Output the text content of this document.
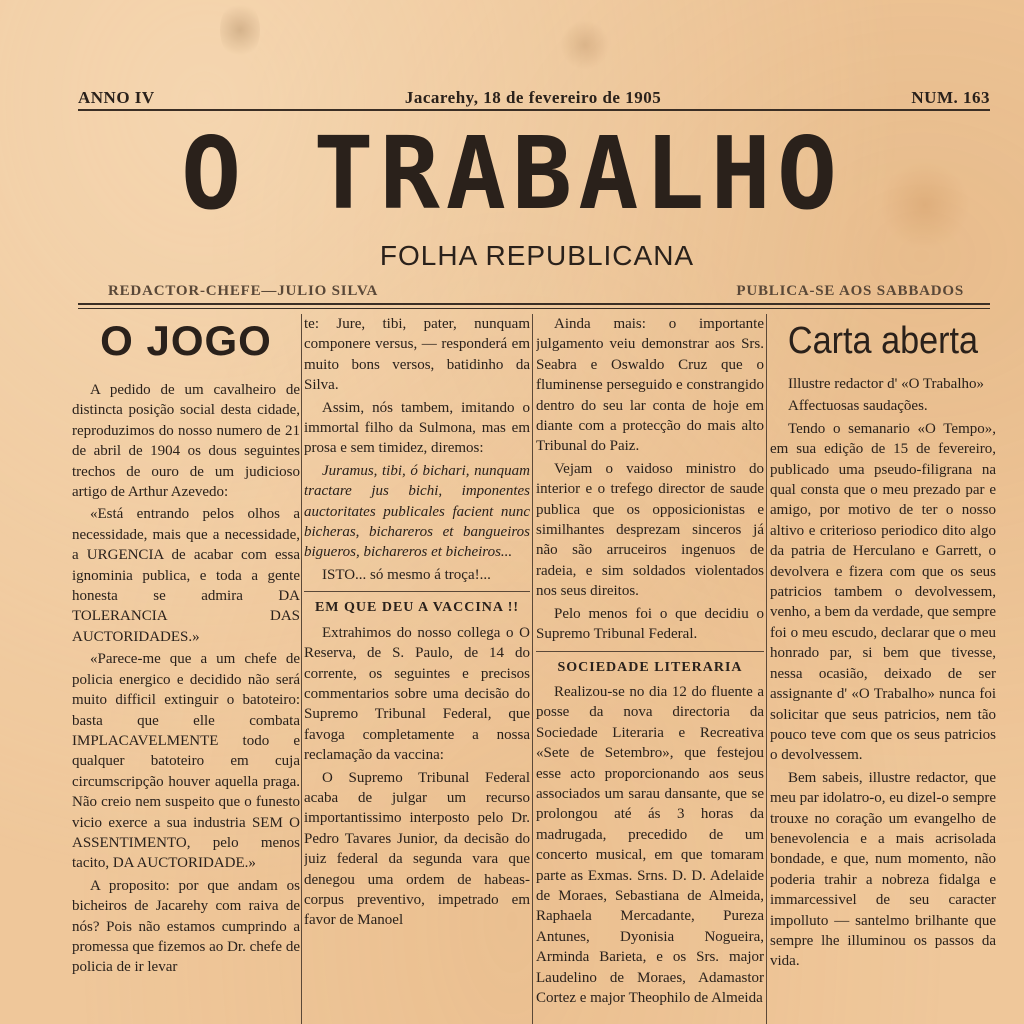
ANNO IV	Jacarehy, 18 de fevereiro de 1905	NUM. 163
O TRABALHO
FOLHA REPUBLICANA
REDACTOR-CHEFE—JULIO SILVA	PUBLICA-SE AOS SABBADOS
O JOGO

A pedido de um cavalheiro de distincta posição social desta cidade, reproduzimos do nosso numero de 21 de abril de 1904 os dous seguintes trechos de ouro de um judicioso artigo de Arthur Azevedo:

«Está entrando pelos olhos a necessidade, mais que a necessidade, a URGENCIA de acabar com essa ignominia publica, e toda a gente honesta se admira DA TOLERANCIA DAS AUCTORIDADES.»

«Parece-me que a um chefe de policia energico e decidido não será muito difficil extinguir o batoteiro: basta que elle combata IMPLACAVELMENTE todo e qualquer batoteiro em cuja circumscripção houver aquella praga. Não creio nem suspeito que o funesto vicio exerce a sua industria SEM O ASSENTIMENTO, pelo menos tacito, DA AUCTORIDADE.»

A proposito: por que andam os bicheiros de Jacarehy com raiva de nós? Pois não estamos cumprindo a promessa que fizemos ao Dr. chefe de policia de ir levar

te: Jure, tibi, pater, nunquam componere versus, — responderá em muito bons versos, batidinho da Silva.

Assim, nós tambem, imitando o immortal filho da Sulmona, mas em prosa e sem timidez, diremos:

Juramus, tibi, ó bichari, nunquam tractare jus bichi, imponentes auctoritates publicales facient nunc bicheras, bichareros et bangueiros bigueros, bichareros et bicheiros...

ISTO... só mesmo á troça!...

EM QUE DEU A VACCINA !!

Extrahimos do nosso collega o O Reserva, de S. Paulo, de 14 do corrente, os seguintes e precisos commentarios sobre uma decisão do Supremo Tribunal Federal, que favoga completamente a nossa reclamação da vaccina:

O Supremo Tribunal Federal acaba de julgar um recurso importantissimo interposto pelo Dr. Pedro Tavares Junior, da decisão do juiz federal da segunda vara que denegou uma ordem de habeas-corpus preventivo, impetrado em favor de Manoel

Ainda mais: o importante julgamento veiu demonstrar aos Srs. Seabra e Oswaldo Cruz que o fluminense perseguido e constrangido dentro do seu lar conta de hoje em diante com a protecção do mais alto Tribunal do Paiz.

Vejam o vaidoso ministro do interior e o trefego director de saude publica que os opposicionistas e similhantes desprezam sinceros já não são arruceiros ingenuos de radeia, e sim soldados violentados nos seus direitos.

Pelo menos foi o que decidiu o Supremo Tribunal Federal.

SOCIEDADE LITERARIA

Realizou-se no dia 12 do fluente a posse da nova directoria da Sociedade Literaria e Recreativa «Sete de Setembro», que festejou esse acto proporcionando aos seus associados um sarau dansante, que se prolongou até ás 3 horas da madrugada, precedido de um concerto musical, em que tomaram parte as Exmas. Srns. D. D. Adelaide de Moraes, Sebastiana de Almeida, Raphaela Mercadante, Pureza Antunes, Dyonisia Nogueira, Arminda Barieta, e os Srs. major Laudelino de Moraes, Adamastor Cortez e major Theophilo de Almeida

Carta aberta

Illustre redactor d' «O Trabalho»

Affectuosas saudações.

Tendo o semanario «O Tempo», em sua edição de 15 de fevereiro, publicado uma pseudo-filigrana na qual consta que o meu prezado par e amigo, por motivo de ter o nosso altivo e criterioso periodico dito algo da patria de Herculano e Garrett, o devolvera e fizera com que os seus patricios tambem o devolvessem, venho, a bem da verdade, que sempre foi o meu escudo, declarar que o meu honrado par, si bem que tivesse, nessa ocasião, deixado de ser assignante d' «O Trabalho» nunca foi solicitar que seus patricios, nem tão pouco teve com que os seus patricios o devolvessem.

Bem sabeis, illustre redactor, que meu par idolatro-o, eu dizel-o sempre trouxe no coração um evangelho de benevolencia e a mais acrisolada bondade, e que, num momento, não poderia trahir a nobreza fidalga e immarcessivel de seu caracter impolluto — santelmo brilhante que sempre lhe illuminou os passos da vida.
